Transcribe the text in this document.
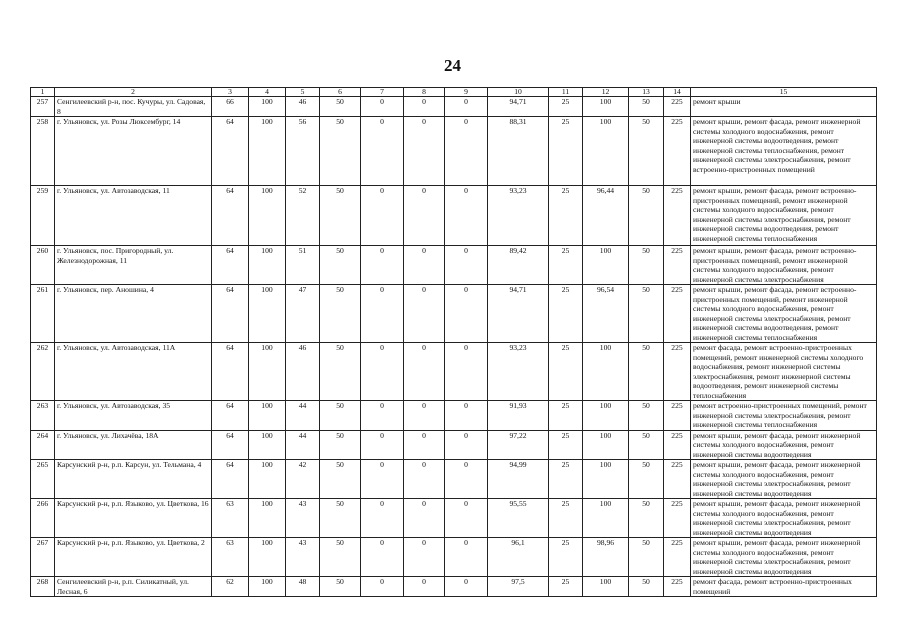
24
1	2	3	4	5	6	7	8	9	10	11	12	13	14	15
257	Сенгилеевский р-н, пос. Кучуры, ул. Садовая, 8	66	100	46	50	0	0	0	94,71	25	100	50	225	ремонт крыши
258	г. Ульяновск, ул. Розы Люксембург, 14	64	100	56	50	0	0	0	88,31	25	100	50	225	ремонт крыши, ремонт фасада, ремонт инженерной системы холодного водоснабжения, ремонт инженерной системы водоотведения, ремонт инженерной системы теплоснабжения, ремонт инженерной системы электроснабжения, ремонт встроенно-пристроенных помещений
259	г. Ульяновск, ул. Автозаводская, 11	64	100	52	50	0	0	0	93,23	25	96,44	50	225	ремонт крыши, ремонт фасада, ремонт встроенно-пристроенных помещений, ремонт инженерной системы холодного водоснабжения, ремонт инженерной системы электроснабжения, ремонт инженерной системы водоотведения, ремонт инженерной системы теплоснабжения
260	г. Ульяновск, пос. Пригородный, ул. Железнодорожная, 11	64	100	51	50	0	0	0	89,42	25	100	50	225	ремонт крыши, ремонт фасада, ремонт встроенно-пристроенных помещений, ремонт инженерной системы холодного водоснабжения, ремонт инженерной системы электроснабжения
261	г. Ульяновск, пер. Аношина, 4	64	100	47	50	0	0	0	94,71	25	96,54	50	225	ремонт крыши, ремонт фасада, ремонт встроенно-пристроенных помещений, ремонт инженерной системы холодного водоснабжения, ремонт инженерной системы электроснабжения, ремонт инженерной системы водоотведения, ремонт инженерной системы теплоснабжения
262	г. Ульяновск, ул. Автозаводская, 11А	64	100	46	50	0	0	0	93,23	25	100	50	225	ремонт фасада, ремонт встроенно-пристроенных помещений, ремонт инженерной системы холодного водоснабжения, ремонт инженерной системы электроснабжения, ремонт инженерной системы водоотведения, ремонт инженерной системы теплоснабжения
263	г. Ульяновск, ул. Автозаводская, 35	64	100	44	50	0	0	0	91,93	25	100	50	225	ремонт встроенно-пристроенных помещений, ремонт инженерной системы электроснабжения, ремонт инженерной системы теплоснабжения
264	г. Ульяновск, ул. Лихачёва, 18А	64	100	44	50	0	0	0	97,22	25	100	50	225	ремонт крыши, ремонт фасада, ремонт инженерной системы холодного водоснабжения, ремонт инженерной системы водоотведения
265	Карсунский р-н, р.п. Карсун, ул. Тельмана, 4	64	100	42	50	0	0	0	94,99	25	100	50	225	ремонт крыши, ремонт фасада, ремонт инженерной системы холодного водоснабжения, ремонт инженерной системы электроснабжения, ремонт инженерной системы водоотведения
266	Карсунский р-н, р.п. Языково, ул. Цветкова, 16	63	100	43	50	0	0	0	95,55	25	100	50	225	ремонт крыши, ремонт фасада, ремонт инженерной системы холодного водоснабжения, ремонт инженерной системы электроснабжения, ремонт инженерной системы водоотведения
267	Карсунский р-н, р.п. Языково, ул. Цветкова, 2	63	100	43	50	0	0	0	96,1	25	98,96	50	225	ремонт крыши, ремонт фасада, ремонт инженерной системы холодного водоснабжения, ремонт инженерной системы электроснабжения, ремонт инженерной системы водоотведения
268	Сенгилеевский р-н, р.п. Силикатный, ул. Лесная, 6	62	100	48	50	0	0	0	97,5	25	100	50	225	ремонт фасада, ремонт встроенно-пристроенных помещений
